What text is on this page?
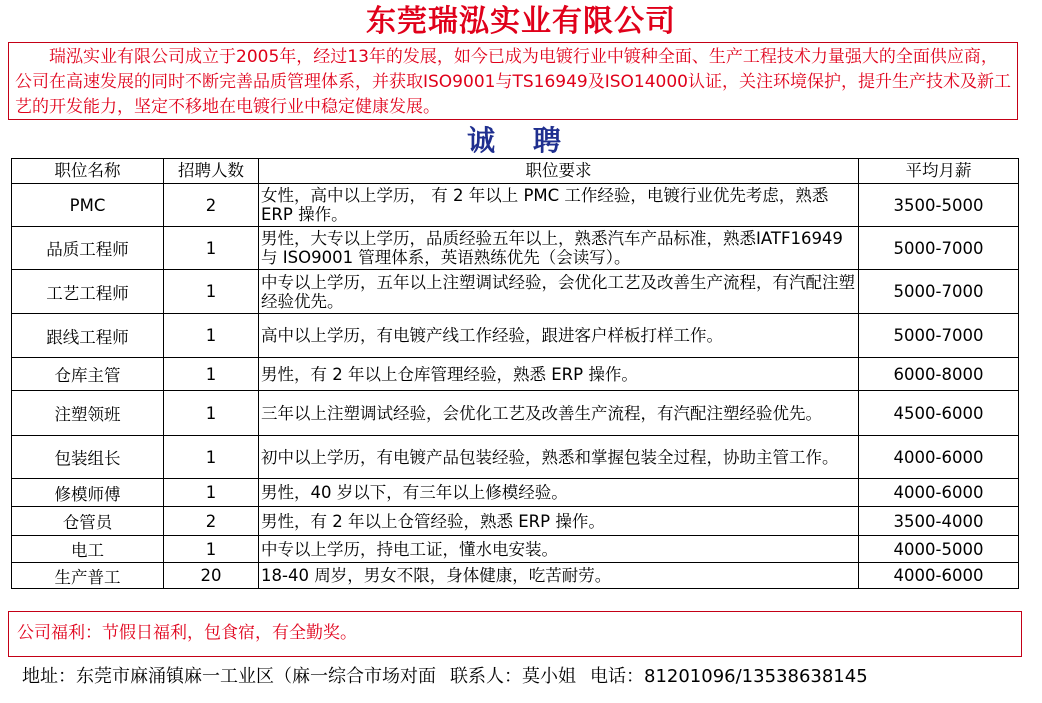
东莞瑞泓实业有限公司
瑞泓实业有限公司成立于2005年，经过13年的发展，如今已成为电镀行业中镀种全面、生产工程技术力量强大的全面供应商，公司在高速发展的同时不断完善品质管理体系，并获取ISO9001与TS16949及ISO14000认证，关注环境保护，提升生产技术及新工艺的开发能力，坚定不移地在电镀行业中稳定健康发展。
诚 聘
职位名称	招聘人数	职位要求	平均月薪
PMC	2	女性，高中以上学历， 有 2 年以上 PMC 工作经验，电镀行业优先考虑，熟悉 ERP 操作。	3500-5000
品质工程师	1	男性，大专以上学历，品质经验五年以上，熟悉汽车产品标准，熟悉IATF16949 与 ISO9001 管理体系，英语熟练优先（会读写）。	5000-7000
工艺工程师	1	中专以上学历，五年以上注塑调试经验，会优化工艺及改善生产流程，有汽配注塑经验优先。	5000-7000
跟线工程师	1	高中以上学历，有电镀产线工作经验，跟进客户样板打样工作。	5000-7000
仓库主管	1	男性，有 2 年以上仓库管理经验，熟悉 ERP 操作。	6000-8000
注塑领班	1	三年以上注塑调试经验，会优化工艺及改善生产流程，有汽配注塑经验优先。	4500-6000
包装组长	1	初中以上学历，有电镀产品包装经验，熟悉和掌握包装全过程，协助主管工作。	4000-6000
修模师傅	1	男性，40 岁以下，有三年以上修模经验。	4000-6000
仓管员	2	男性，有 2 年以上仓管经验，熟悉 ERP 操作。	3500-4000
电工	1	中专以上学历，持电工证，懂水电安装。	4000-5000
生产普工	20	18-40 周岁，男女不限，身体健康，吃苦耐劳。	4000-6000
公司福利：节假日福利，包食宿，有全勤奖。
地址：东莞市麻涌镇麻一工业区（麻一综合市场对面 联系人：莫小姐 电话：81201096/13538638145
